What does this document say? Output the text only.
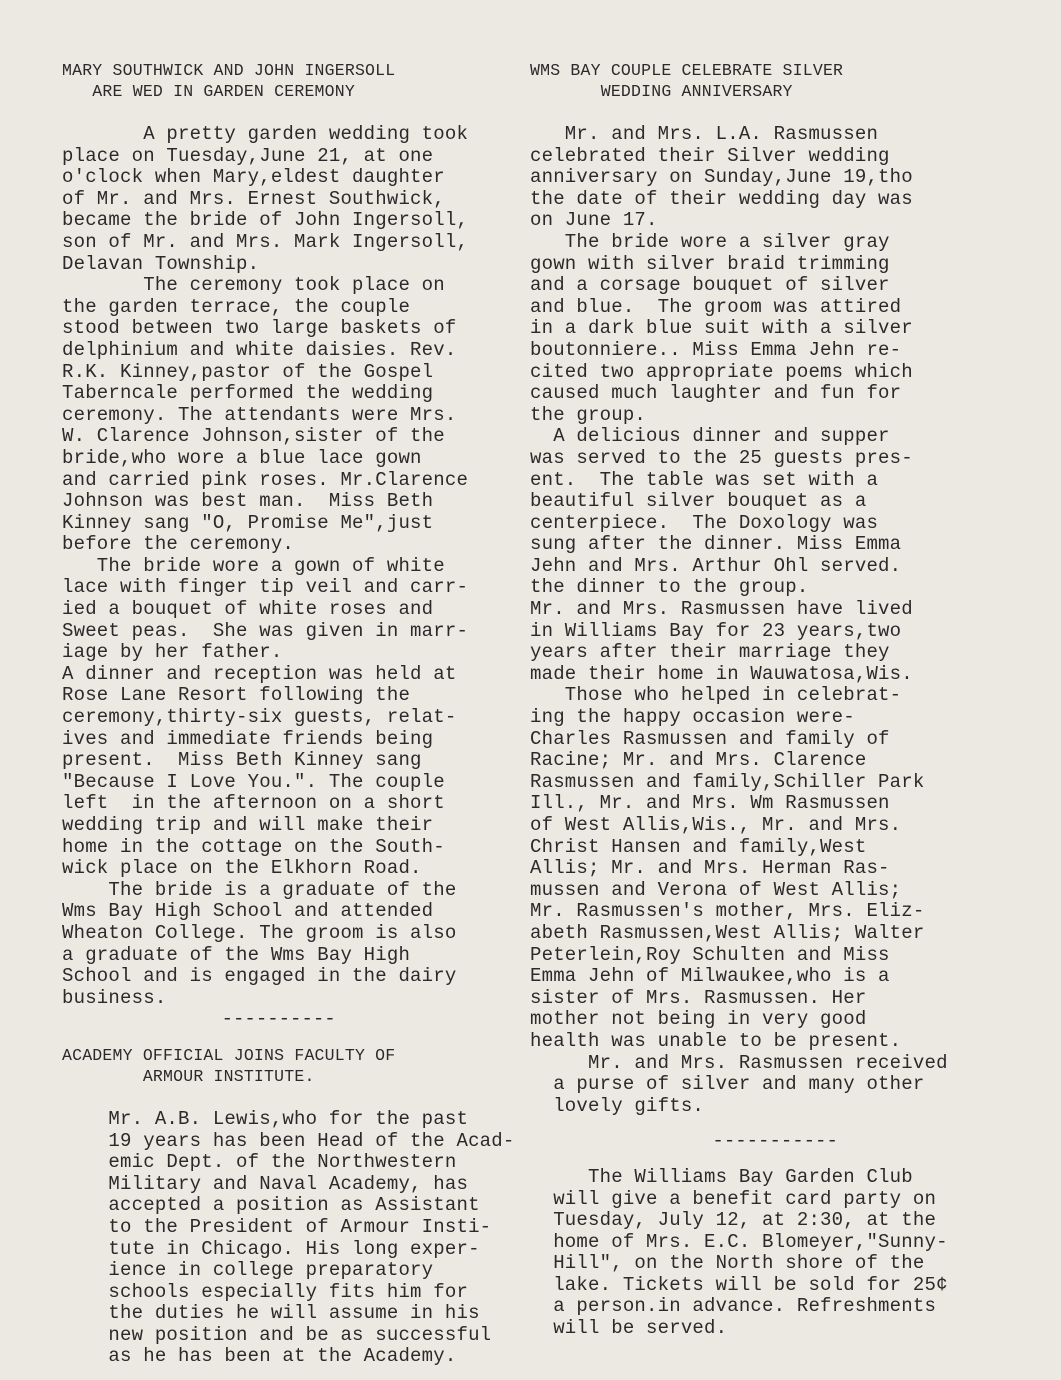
MARY SOUTHWICK AND JOHN INGERSOLL
ARE WED IN GARDEN CEREMONY
A pretty garden wedding took
place on Tuesday,June 21, at one
o'clock when Mary,eldest daughter
of Mr. and Mrs. Ernest Southwick,
became the bride of John Ingersoll,
son of Mr. and Mrs. Mark Ingersoll,
Delavan Township.
The ceremony took place on
the garden terrace, the couple
stood between two large baskets of
delphinium and white daisies. Rev.
R.K. Kinney,pastor of the Gospel
Taberncale performed the wedding
ceremony. The attendants were Mrs.
W. Clarence Johnson,sister of the
bride,who wore a blue lace gown
and carried pink roses. Mr.Clarence
Johnson was best man.  Miss Beth
Kinney sang "O, Promise Me",just
before the ceremony.
The bride wore a gown of white
lace with finger tip veil and carr-
ied a bouquet of white roses and
Sweet peas.  She was given in marr-
iage by her father.
A dinner and reception was held at
Rose Lane Resort following the
ceremony,thirty-six guests, relat-
ives and immediate friends being
present.  Miss Beth Kinney sang
"Because I Love You.". The couple
left  in the afternoon on a short
wedding trip and will make their
home in the cottage on the South-
wick place on the Elkhorn Road.
The bride is a graduate of the
Wms Bay High School and attended
Wheaton College. The groom is also
a graduate of the Wms Bay High
School and is engaged in the dairy
business.
----------
ACADEMY OFFICIAL JOINS FACULTY OF
ARMOUR INSTITUTE.
Mr. A.B. Lewis,who for the past
19 years has been Head of the Acad-
emic Dept. of the Northwestern
Military and Naval Academy, has
accepted a position as Assistant
to the President of Armour Insti-
tute in Chicago. His long exper-
ience in college preparatory
schools especially fits him for
the duties he will assume in his
new position and be as successful
as he has been at the Academy.
WMS BAY COUPLE CELEBRATE SILVER
WEDDING ANNIVERSARY
Mr. and Mrs. L.A. Rasmussen
celebrated their Silver wedding
anniversary on Sunday,June 19,tho
the date of their wedding day was
on June 17.
The bride wore a silver gray
gown with silver braid trimming
and a corsage bouquet of silver
and blue.  The groom was attired
in a dark blue suit with a silver
boutonniere.. Miss Emma Jehn re-
cited two appropriate poems which
caused much laughter and fun for
the group.
A delicious dinner and supper
was served to the 25 guests pres-
ent.  The table was set with a
beautiful silver bouquet as a
centerpiece.  The Doxology was
sung after the dinner. Miss Emma
Jehn and Mrs. Arthur Ohl served.
the dinner to the group.
Mr. and Mrs. Rasmussen have lived
in Williams Bay for 23 years,two
years after their marriage they
made their home in Wauwatosa,Wis.
Those who helped in celebrat-
ing the happy occasion were-
Charles Rasmussen and family of
Racine; Mr. and Mrs. Clarence
Rasmussen and family,Schiller Park
Ill., Mr. and Mrs. Wm Rasmussen
of West Allis,Wis., Mr. and Mrs.
Christ Hansen and family,West
Allis; Mr. and Mrs. Herman Ras-
mussen and Verona of West Allis;
Mr. Rasmussen's mother, Mrs. Eliz-
abeth Rasmussen,West Allis; Walter
Peterlein,Roy Schulten and Miss
Emma Jehn of Milwaukee,who is a
sister of Mrs. Rasmussen. Her
mother not being in very good
health was unable to be present.
Mr. and Mrs. Rasmussen received
a purse of silver and many other
lovely gifts.
-----------
The Williams Bay Garden Club
will give a benefit card party on
Tuesday, July 12, at 2:30, at the
home of Mrs. E.C. Blomeyer,"Sunny-
Hill", on the North shore of the
lake. Tickets will be sold for 25¢
a person.in advance. Refreshments
will be served.
